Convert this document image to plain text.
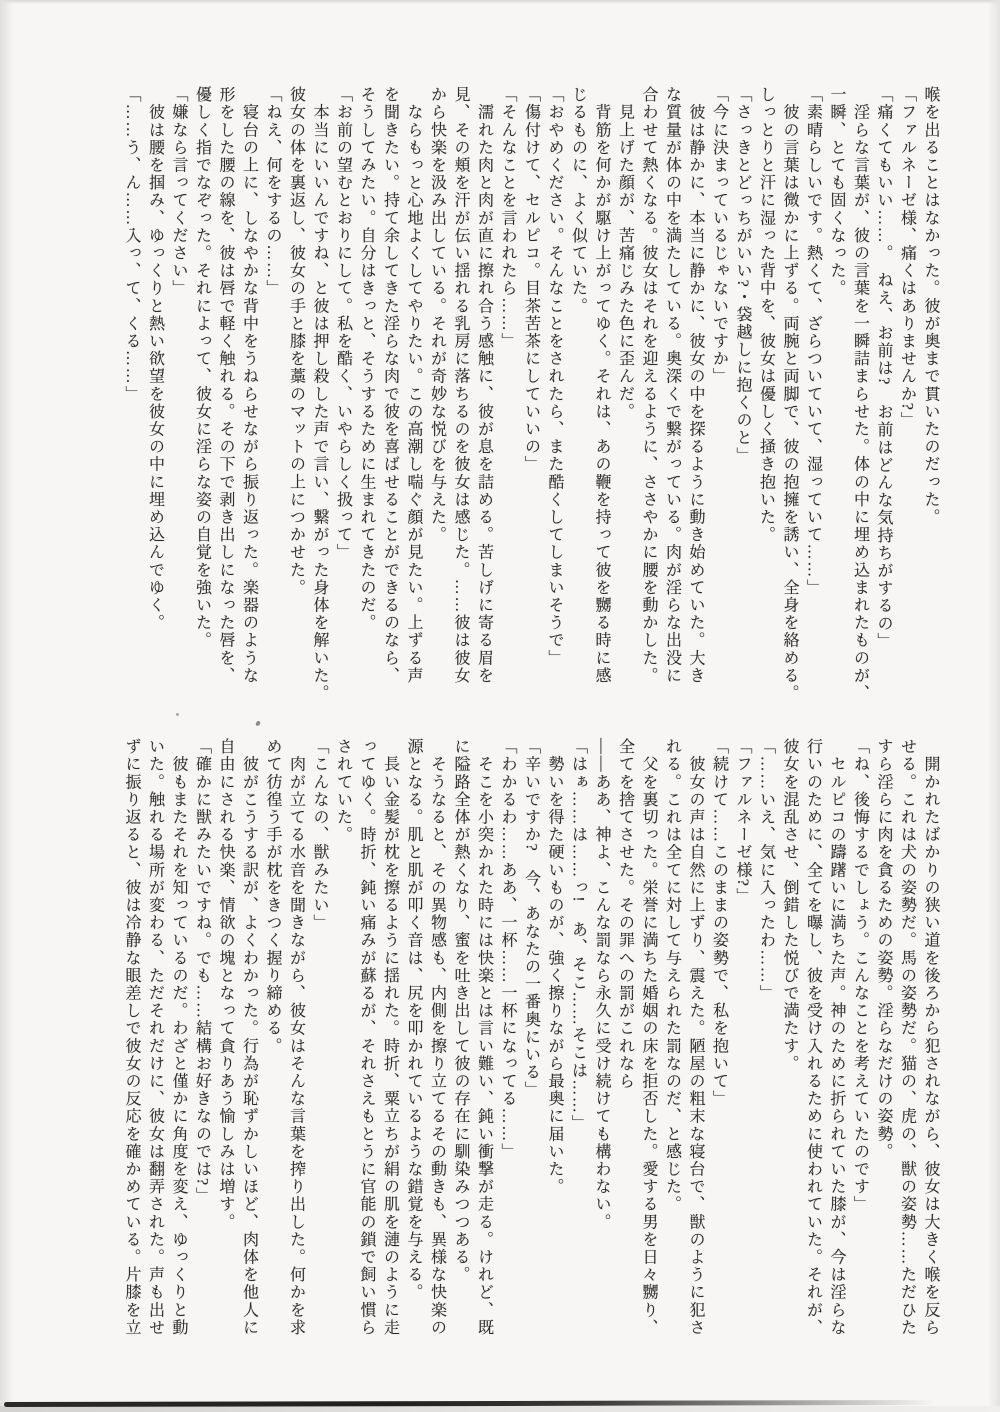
喉を出ることはなかった。彼が奥まで貫いたのだった。
「ファルネーゼ様、痛くはありませんか?」
「痛くてもいい……。　ねえ、お前は?　お前はどんな気持ちがするの」
　淫らな言葉が、彼の言葉を一瞬詰まらせた。体の中に埋め込まれたものが、
一瞬、とても固くなった。
「素晴らしいです。熱くて、ざらついていて、湿っていて……」
　彼の言葉は微かに上ずる。両腕と両脚で、彼の抱擁を誘い、全身を絡める。
しっとりと汗に湿った背中を、彼女は優しく掻き抱いた。
「さっきとどっちがいい?・袋越しに抱くのと」
「今に決まっているじゃないですか」
　彼は静かに、本当に静かに、彼女の中を探るように動き始めていた。大き
な質量が体の中を満たしている。奥深くで繋がっている。肉が淫らな出没に
合わせて熱くなる。彼女はそれを迎えるように、ささやかに腰を動かした。
　見上げた顔が、苦痛じみた色に歪んだ。
　背筋を何かが駆け上がってゆく。それは、あの鞭を持って彼を嬲る時に感
じるものに、よく似ていた。
「おやめください。そんなことをされたら、また酷くしてしまいそうで」
「傷付けて、セルピコ。目茶苦茶にしていいの」
「そんなことを言われたら……」
　濡れた肉と肉が直に擦れ合う感触に、彼が息を詰める。苦しげに寄る眉を
見、その頬を汗が伝い揺れる乳房に落ちるのを彼女は感じた。……彼は彼女
から快楽を汲み出している。それが奇妙な悦びを与えた。
　ならもっと心地よくしてやりたい。この高潮し喘ぐ顔が見たい。上ずる声
を聞きたい。持て余してきた淫らな肉で彼を喜ばせることができるのなら、
そうしてみたい。自分はきっと、そうするために生まれてきたのだ。
「お前の望むとおりにして。私を酷く、いやらしく扱って」
　本当にいいんですね、と彼は押し殺した声で言い、繋がった身体を解いた。
彼女の体を裏返し、彼女の手と膝を藁のマットの上につかせた。
「ねえ、何をするの……」
　寝台の上に、しなやかな背中をうねらせながら振り返った。楽器のような
形をした腰の線を、彼は唇で軽く触れる。その下で剥き出しになった唇を、
優しく指でなぞった。それによって、彼女に淫らな姿の自覚を強いた。
「嫌なら言ってください」
　彼は腰を掴み、ゆっくりと熱い欲望を彼女の中に埋め込んでゆく。
「……う、ん……入っ、て、くる……」
　開かれたばかりの狭い道を後ろから犯されながら、彼女は大きく喉を反ら
せる。これは犬の姿勢だ。馬の姿勢だ。猫の、虎の、獣の姿勢……ただひた
すら淫らに肉を貪るための姿勢。淫らなだけの姿勢。
「ね、後悔するでしょう。こんなことを考えていたのです」
　セルピコの躊躇いに満ちた声。神のために折られていた膝が、今は淫らな
行いのために、全てを曝し、彼を受け入れるために使われていた。それが、
彼女を混乱させ、倒錯した悦びで満たす。
「……いえ、気に入ったわ……」
「ファルネーゼ様?」
「続けて……このままの姿勢で、私を抱いて」
　彼女の声は自然に上ずり、震えた。陋屋の粗末な寝台で、獣のように犯さ
れる。これは全てに対して与えられた罰なのだ、と感じた。
　父を裏切った。栄誉に満ちた婚姻の床を拒否した。愛する男を日々嬲り、
全てを捨てさせた。その罪への罰がこれなら
――ああ、神よ、こんな罰なら永久に受け続けても構わない。
「はぁ……は……っ!　あ、そこ……そこは……」
　勢いを得た硬いものが、強く擦りながら最奥に届いた。
「辛いですか?　今、あなたの一番奥にいる」
「わかるわ……ああ、一杯……一杯になってる……」
　そこを小突かれた時には快楽とは言い難い、鈍い衝撃が走る。けれど、既
に隘路全体が熱くなり、蜜を吐き出して彼の存在に馴染みつつある。
　そうなると、その異物感も、内側を擦り立てるその動きも、異様な快楽の
源となる。肌と肌が叩く音は、尻を叩かれているような錯覚を与える。
　長い金髪が枕を擦るように揺れた。時折、粟立ちが絹の肌を漣のように走
ってゆく。時折、鈍い痛みが蘇るが、それさえもとうに官能の鎖で飼い慣ら
されていた。
「こんなの、獣みたい」
　肉が立てる水音を聞きながら、彼女はそんな言葉を搾り出した。何かを求
めて彷徨う手が枕をきつく握り締める。
　彼がこうする訳が、よくわかった。行為が恥ずかしいほど、肉体を他人に
自由にされる快楽、情欲の塊となって貪りあう愉しみは増す。
「確かに獣みたいですね。でも……結構お好きなのでは?」
　彼もまたそれを知っているのだ。わざと僅かに角度を変え、ゆっくりと動
いた。触れる場所が変わる、ただそれだけに、彼女は翻弄された。声も出せ
ずに振り返ると、彼は冷静な眼差しで彼女の反応を確かめている。片膝を立
